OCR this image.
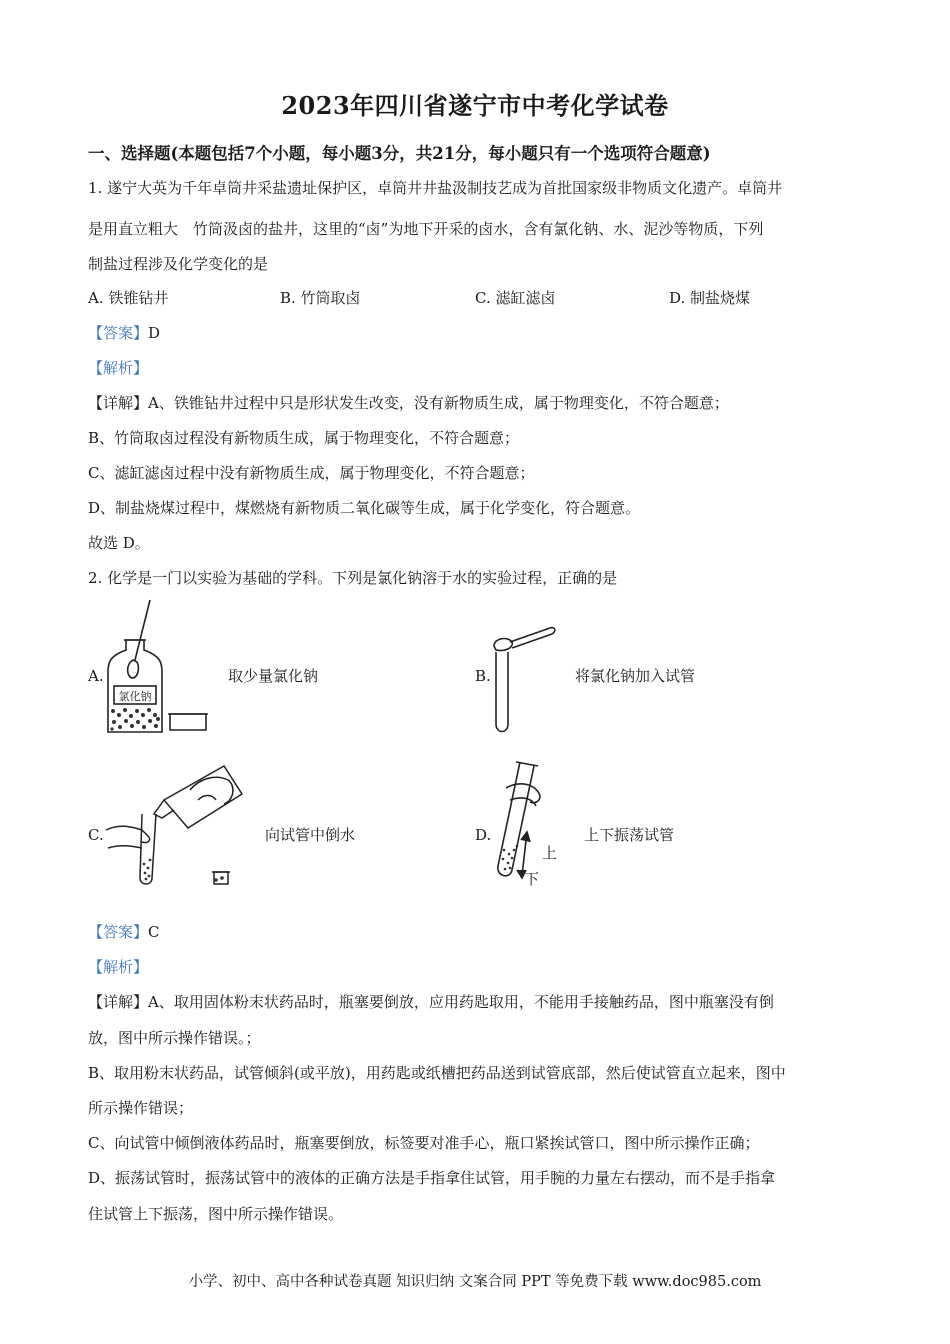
2023年四川省遂宁市中考化学试卷
一、选择题(本题包括7个小题，每小题3分，共21分，每小题只有一个选项符合题意)
1. 遂宁大英为千年卓筒井采盐遗址保护区，卓筒井井盐汲制技艺成为首批国家级非物质文化遗产。卓筒井
是用直立粗大　竹筒汲卤的盐井，这里的“卤”为地下开采的卤水，含有氯化钠、水、泥沙等物质，下列
制盐过程涉及化学变化的是
A. 铁锥钻井	B. 竹筒取卤	C. 滤缸滤卤	D. 制盐烧煤
【答案】D
【解析】
【详解】A、铁锥钻井过程中只是形状发生改变，没有新物质生成，属于物理变化，不符合题意；
B、竹筒取卤过程没有新物质生成，属于物理变化，不符合题意；
C、滤缸滤卤过程中没有新物质生成，属于物理变化，不符合题意；
D、制盐烧煤过程中，煤燃烧有新物质二氧化碳等生成，属于化学变化，符合题意。
故选 D。
2. 化学是一门以实验为基础的学科。下列是氯化钠溶于水的实验过程，正确的是
A.
氯化钠
取少量氯化钠	B.	将氯化钠加入试管
C.	向试管中倒水	D.
上
下
上下振荡试管
【答案】C
【解析】
【详解】A、取用固体粉末状药品时，瓶塞要倒放，应用药匙取用，不能用手接触药品，图中瓶塞没有倒
放，图中所示操作错误。；
B、取用粉末状药品，试管倾斜(或平放)，用药匙或纸槽把药品送到试管底部，然后使试管直立起来，图中
所示操作错误；
C、向试管中倾倒液体药品时，瓶塞要倒放，标签要对准手心，瓶口紧挨试管口，图中所示操作正确；
D、振荡试管时，振荡试管中的液体的正确方法是手指拿住试管，用手腕的力量左右摆动，而不是手指拿
住试管上下振荡，图中所示操作错误。
小学、初中、高中各种试卷真题 知识归纳 文案合同 PPT 等免费下载 www.doc985.com
